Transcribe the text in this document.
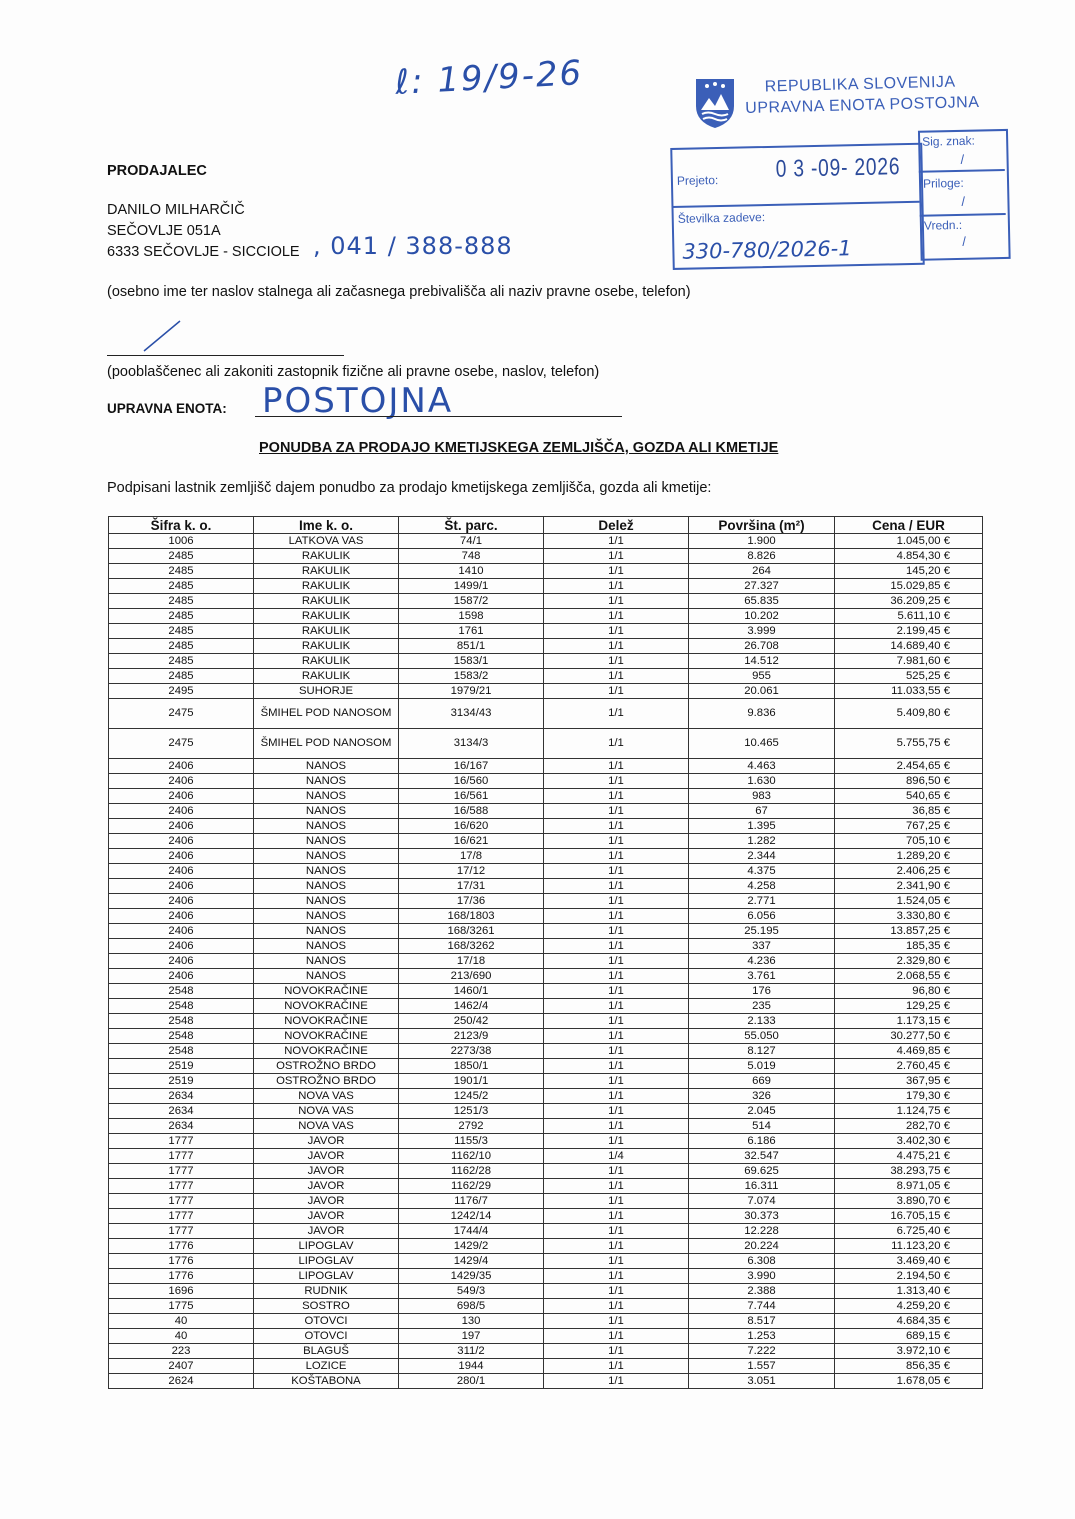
ℓ: 19/9-26	REPUBLIKA SLOVENIJA
UPRAVNA ENOTA POSTOJNA
Prejeto: 0 3 -09- 2026
Številka zadeve:
330-780/2026-1
Sig. znak:
/
Priloge:
/
Vredn.:
/
PRODAJALEC
DANILO MILHARČIČ
SEČOVLJE 051A
6333 SEČOVLJE - SICCIOLE , 041 / 388-888
(osebno ime ter naslov stalnega ali začasnega prebivališča ali naziv pravne osebe, telefon)
(pooblaščenec ali zakoniti zastopnik fizične ali pravne osebe, naslov, telefon)
UPRAVNA ENOTA: POSTOJNA
PONUDBA ZA PRODAJO KMETIJSKEGA ZEMLJIŠČA, GOZDA ALI KMETIJE
Podpisani lastnik zemljišč dajem ponudbo za prodajo kmetijskega zemljišča, gozda ali kmetije:
Šifra k. o.	Ime k. o.	Št. parc.	Delež	Površina (m²)	Cena / EUR
1006	LATKOVA VAS	74/1	1/1	1.900	1.045,00 €
2485	RAKULIK	748	1/1	8.826	4.854,30 €
2485	RAKULIK	1410	1/1	264	145,20 €
2485	RAKULIK	1499/1	1/1	27.327	15.029,85 €
2485	RAKULIK	1587/2	1/1	65.835	36.209,25 €
2485	RAKULIK	1598	1/1	10.202	5.611,10 €
2485	RAKULIK	1761	1/1	3.999	2.199,45 €
2485	RAKULIK	851/1	1/1	26.708	14.689,40 €
2485	RAKULIK	1583/1	1/1	14.512	7.981,60 €
2485	RAKULIK	1583/2	1/1	955	525,25 €
2495	SUHORJE	1979/21	1/1	20.061	11.033,55 €
2475	ŠMIHEL POD NANOSOM	3134/43	1/1	9.836	5.409,80 €
2475	ŠMIHEL POD NANOSOM	3134/3	1/1	10.465	5.755,75 €
2406	NANOS	16/167	1/1	4.463	2.454,65 €
2406	NANOS	16/560	1/1	1.630	896,50 €
2406	NANOS	16/561	1/1	983	540,65 €
2406	NANOS	16/588	1/1	67	36,85 €
2406	NANOS	16/620	1/1	1.395	767,25 €
2406	NANOS	16/621	1/1	1.282	705,10 €
2406	NANOS	17/8	1/1	2.344	1.289,20 €
2406	NANOS	17/12	1/1	4.375	2.406,25 €
2406	NANOS	17/31	1/1	4.258	2.341,90 €
2406	NANOS	17/36	1/1	2.771	1.524,05 €
2406	NANOS	168/1803	1/1	6.056	3.330,80 €
2406	NANOS	168/3261	1/1	25.195	13.857,25 €
2406	NANOS	168/3262	1/1	337	185,35 €
2406	NANOS	17/18	1/1	4.236	2.329,80 €
2406	NANOS	213/690	1/1	3.761	2.068,55 €
2548	NOVOKRAČINE	1460/1	1/1	176	96,80 €
2548	NOVOKRAČINE	1462/4	1/1	235	129,25 €
2548	NOVOKRAČINE	250/42	1/1	2.133	1.173,15 €
2548	NOVOKRAČINE	2123/9	1/1	55.050	30.277,50 €
2548	NOVOKRAČINE	2273/38	1/1	8.127	4.469,85 €
2519	OSTROŽNO BRDO	1850/1	1/1	5.019	2.760,45 €
2519	OSTROŽNO BRDO	1901/1	1/1	669	367,95 €
2634	NOVA VAS	1245/2	1/1	326	179,30 €
2634	NOVA VAS	1251/3	1/1	2.045	1.124,75 €
2634	NOVA VAS	2792	1/1	514	282,70 €
1777	JAVOR	1155/3	1/1	6.186	3.402,30 €
1777	JAVOR	1162/10	1/4	32.547	4.475,21 €
1777	JAVOR	1162/28	1/1	69.625	38.293,75 €
1777	JAVOR	1162/29	1/1	16.311	8.971,05 €
1777	JAVOR	1176/7	1/1	7.074	3.890,70 €
1777	JAVOR	1242/14	1/1	30.373	16.705,15 €
1777	JAVOR	1744/4	1/1	12.228	6.725,40 €
1776	LIPOGLAV	1429/2	1/1	20.224	11.123,20 €
1776	LIPOGLAV	1429/4	1/1	6.308	3.469,40 €
1776	LIPOGLAV	1429/35	1/1	3.990	2.194,50 €
1696	RUDNIK	549/3	1/1	2.388	1.313,40 €
1775	SOSTRO	698/5	1/1	7.744	4.259,20 €
40	OTOVCI	130	1/1	8.517	4.684,35 €
40	OTOVCI	197	1/1	1.253	689,15 €
223	BLAGUŠ	311/2	1/1	7.222	3.972,10 €
2407	LOZICE	1944	1/1	1.557	856,35 €
2624	KOŠTABONA	280/1	1/1	3.051	1.678,05 €
